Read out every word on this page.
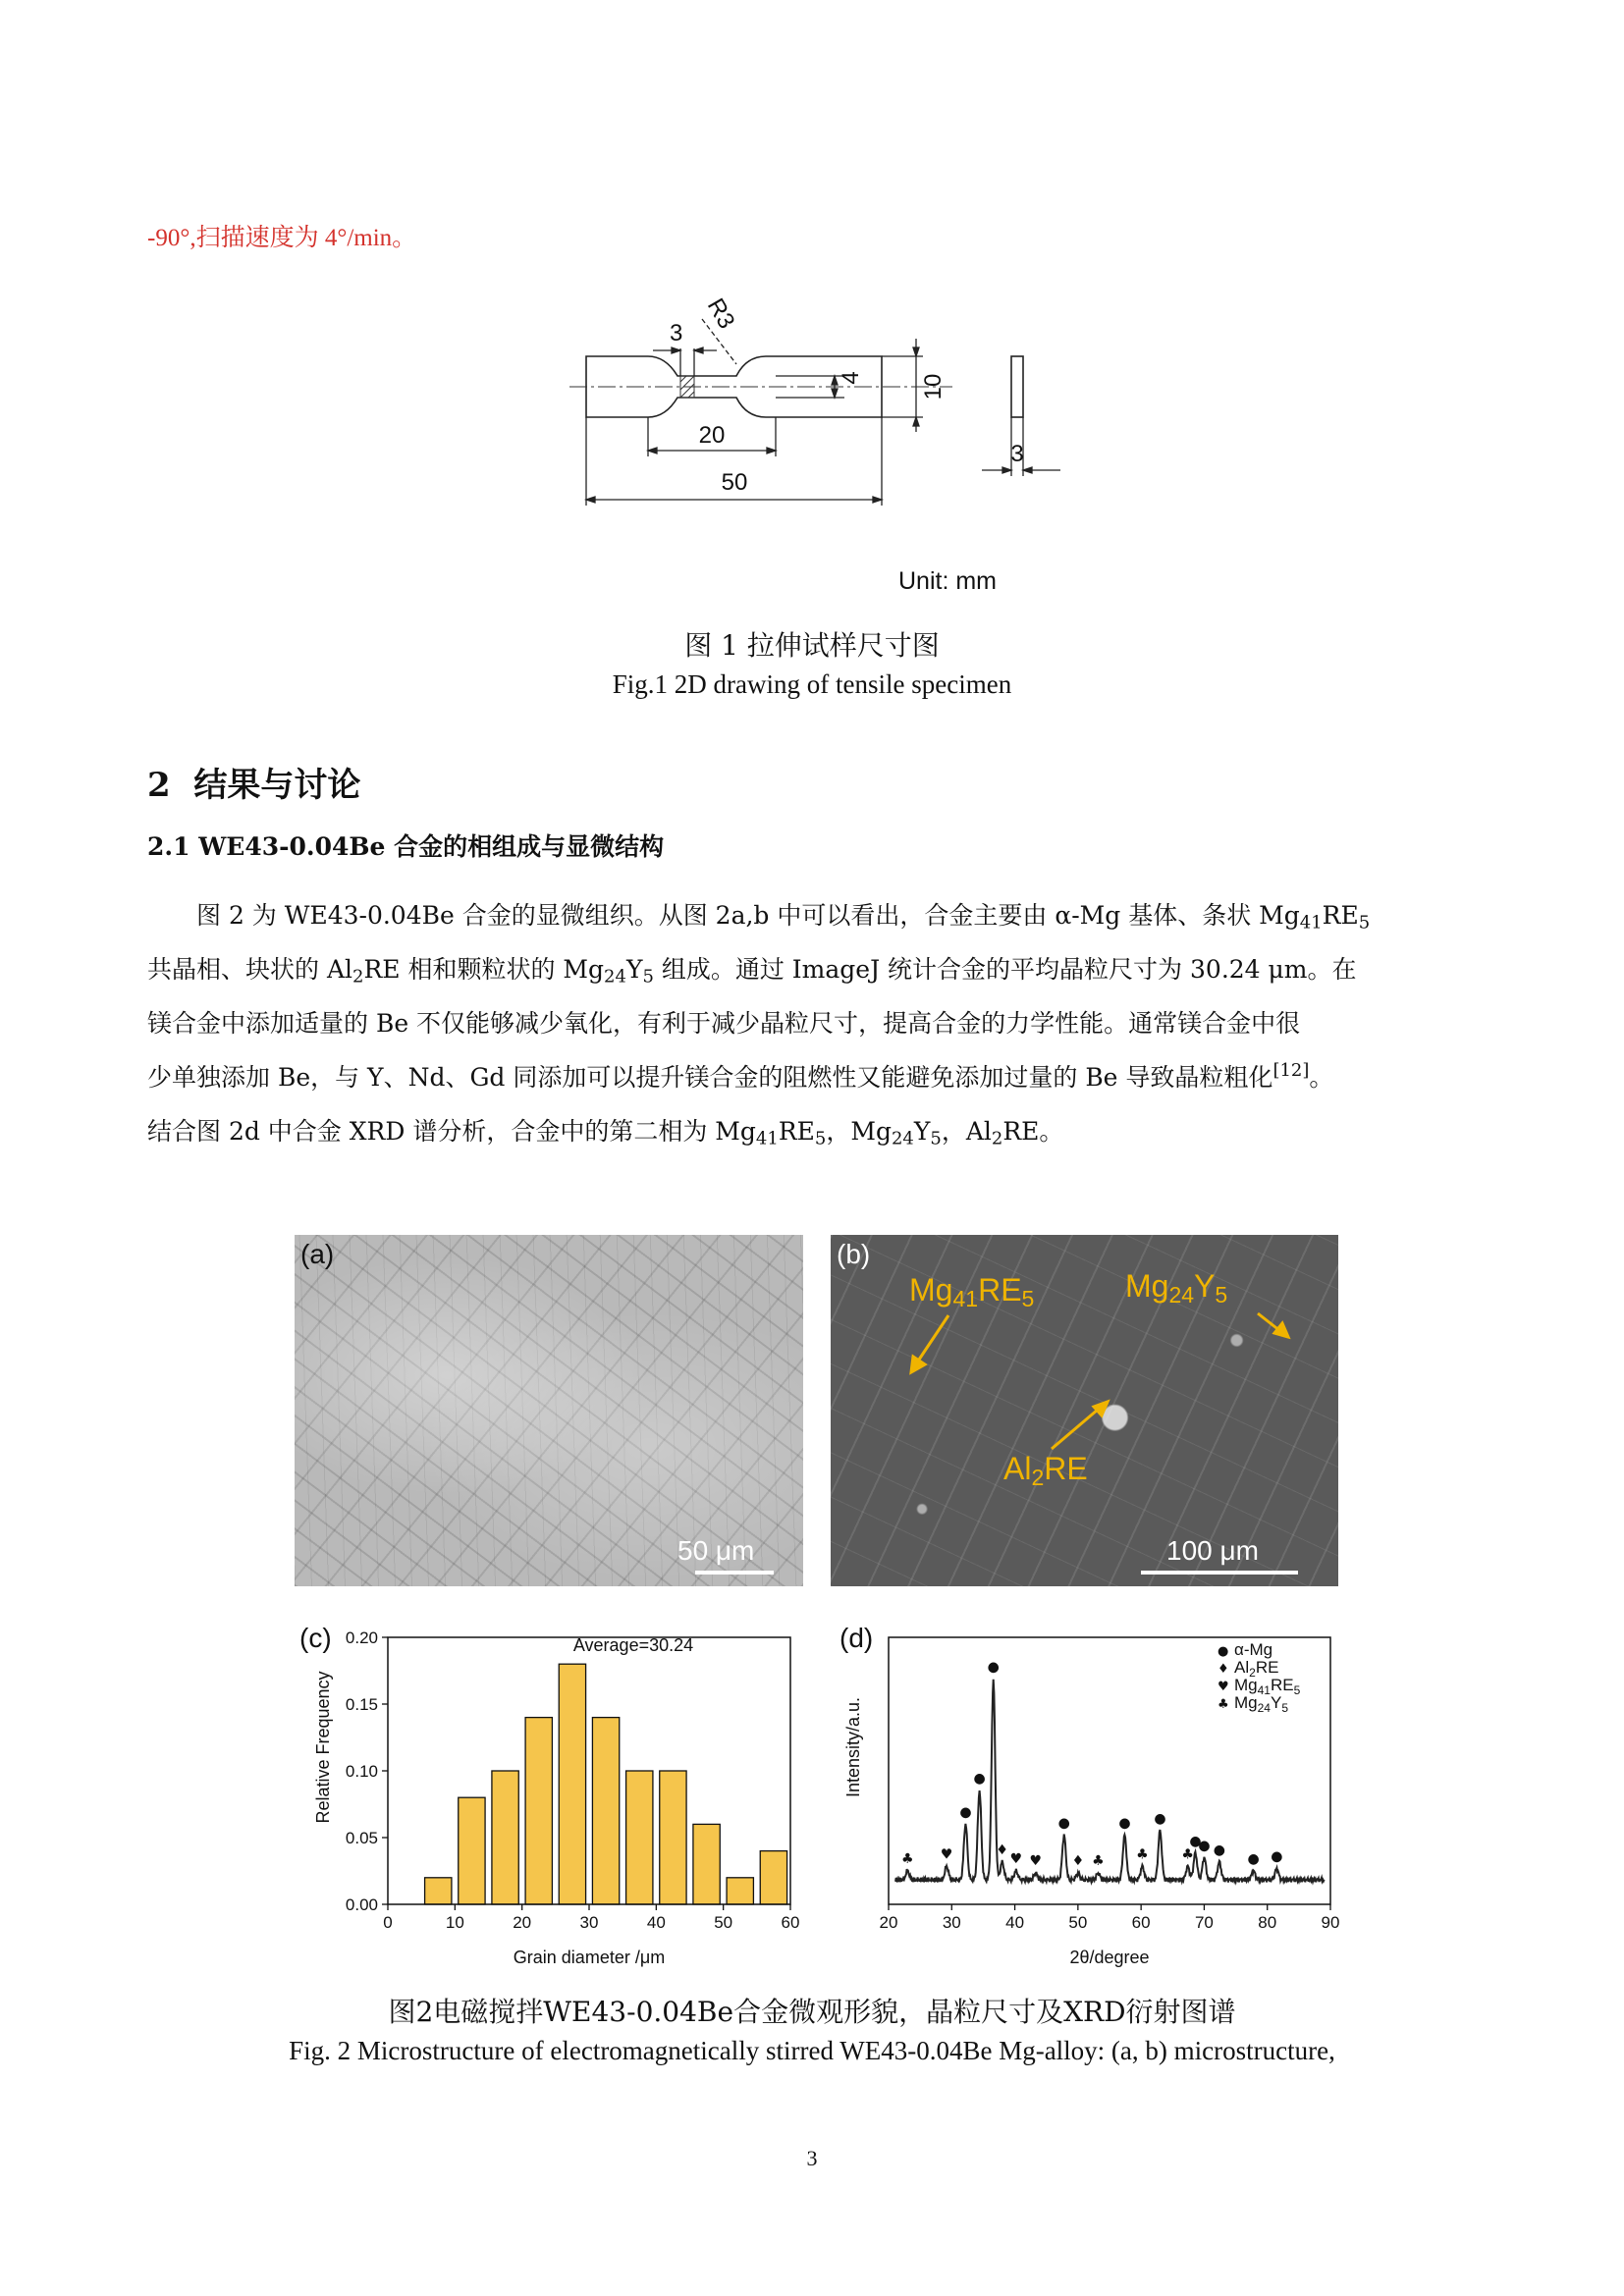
-90°,扫描速度为 4°/min。
3 R3
4 10
20
50
3
Unit: mm
图 1 拉伸试样尺寸图
Fig.1 2D drawing of tensile specimen
2  结果与讨论
2.1 WE43-0.04Be 合金的相组成与显微结构

图 2 为 WE43-0.04Be 合金的显微组织。从图 2a,b 中可以看出，合金主要由 α-Mg 基体、条状 $Mg_{41}RE_5$

共晶相、块状的 $Al_2RE$ 相和颗粒状的 $Mg_{24}Y_5$ 组成。通过 ImageJ 统计合金的平均晶粒尺寸为 30.24 μm。在

镁合金中添加适量的 Be 不仅能够减少氧化，有利于减少晶粒尺寸，提高合金的力学性能。通常镁合金中很

少单独添加 Be，与 Y、Nd、Gd 同添加可以提升镁合金的阻燃性又能避免添加过量的 Be 导致晶粒粗化[12]。

结合图 2d 中合金 XRD 谱分析，合金中的第二相为 $Mg_{41}RE_5$，$Mg_{24}Y_5$，$Al_2RE$。

(a)
50 μm
(b)
$Mg_{41}RE_5$	$Mg_{24}Y_5$
$Al_2RE$
100 μm
0	10	20	30	40	50	60
0.00
0.05
0.10
0.15
0.20
(c)	Average=30.24
Grain diameter /μm
Relative Frequency
♣ ♥
●
●
●
♦
♥ ♥
●
♦ ♣
●
♣
●
♣
●
● ●
● ●
20	30	40	50	60	70	80	90
● α-Mg
♦ $Al_2RE$
♥ $Mg_{41}RE_5$
♣ $Mg_{24}Y_5$
(d)
2θ/degree
Intensity/a.u.
图2电磁搅拌WE43-0.04Be合金微观形貌，晶粒尺寸及XRD衍射图谱
Fig. 2 Microstructure of electromagnetically stirred WE43-0.04Be Mg-alloy: (a, b) microstructure,
3
